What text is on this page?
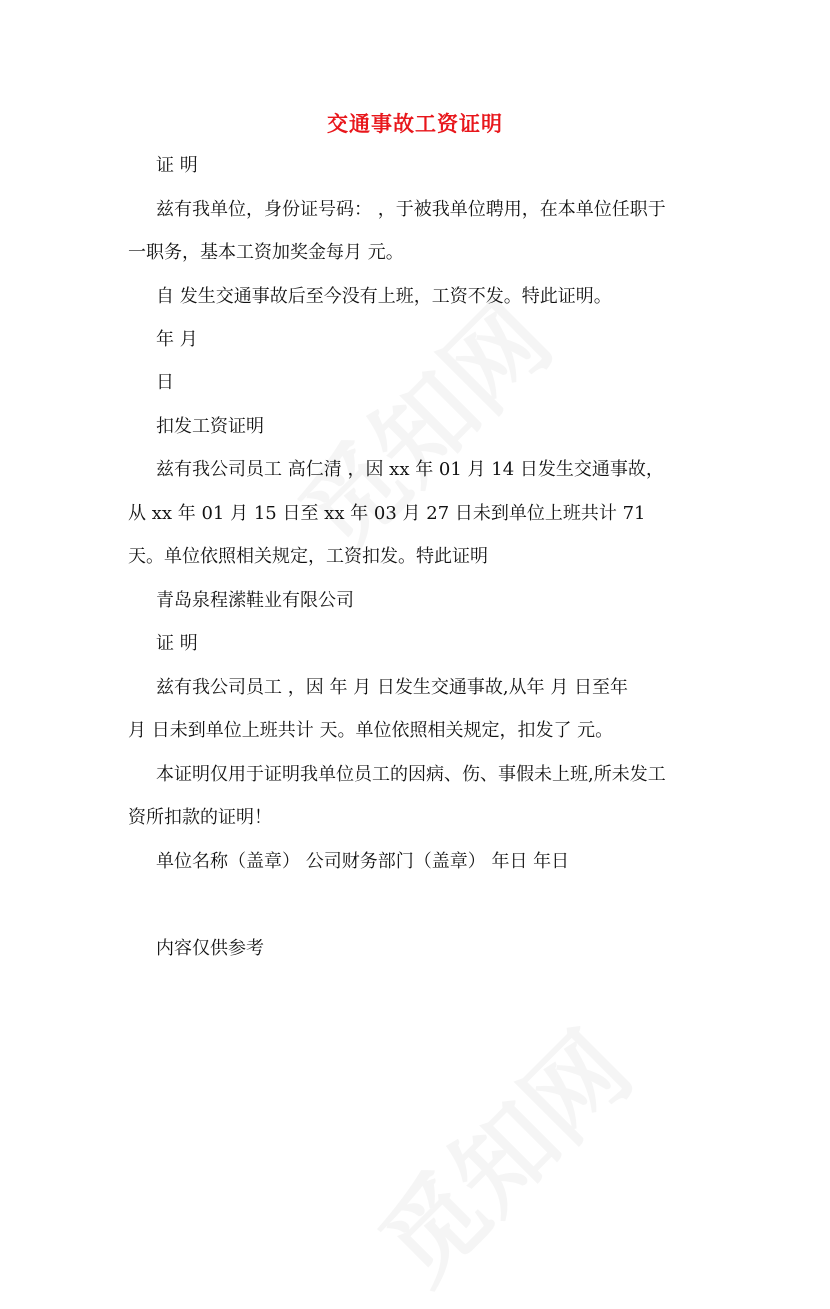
交通事故工资证明
证 明
兹有我单位，身份证号码： ，于被我单位聘用，在本单位任职于
一职务，基本工资加奖金每月 元。
自 发生交通事故后至今没有上班，工资不发。特此证明。
年 月
日
扣发工资证明
兹有我公司员工 高仁清 ，因 xx 年 01 月 14 日发生交通事故，
从 xx 年 01 月 15 日至 xx 年 03 月 27 日未到单位上班共计 71
天。单位依照相关规定，工资扣发。特此证明
青岛泉程潆鞋业有限公司
证 明
兹有我公司员工 ，因 年 月 日发生交通事故,从年 月 日至年
月 日未到单位上班共计 天。单位依照相关规定，扣发了 元。
本证明仅用于证明我单位员工的因病、伤、事假未上班,所未发工
资所扣款的证明！
单位名称（盖章） 公司财务部门（盖章） 年日 年日
内容仅供参考
